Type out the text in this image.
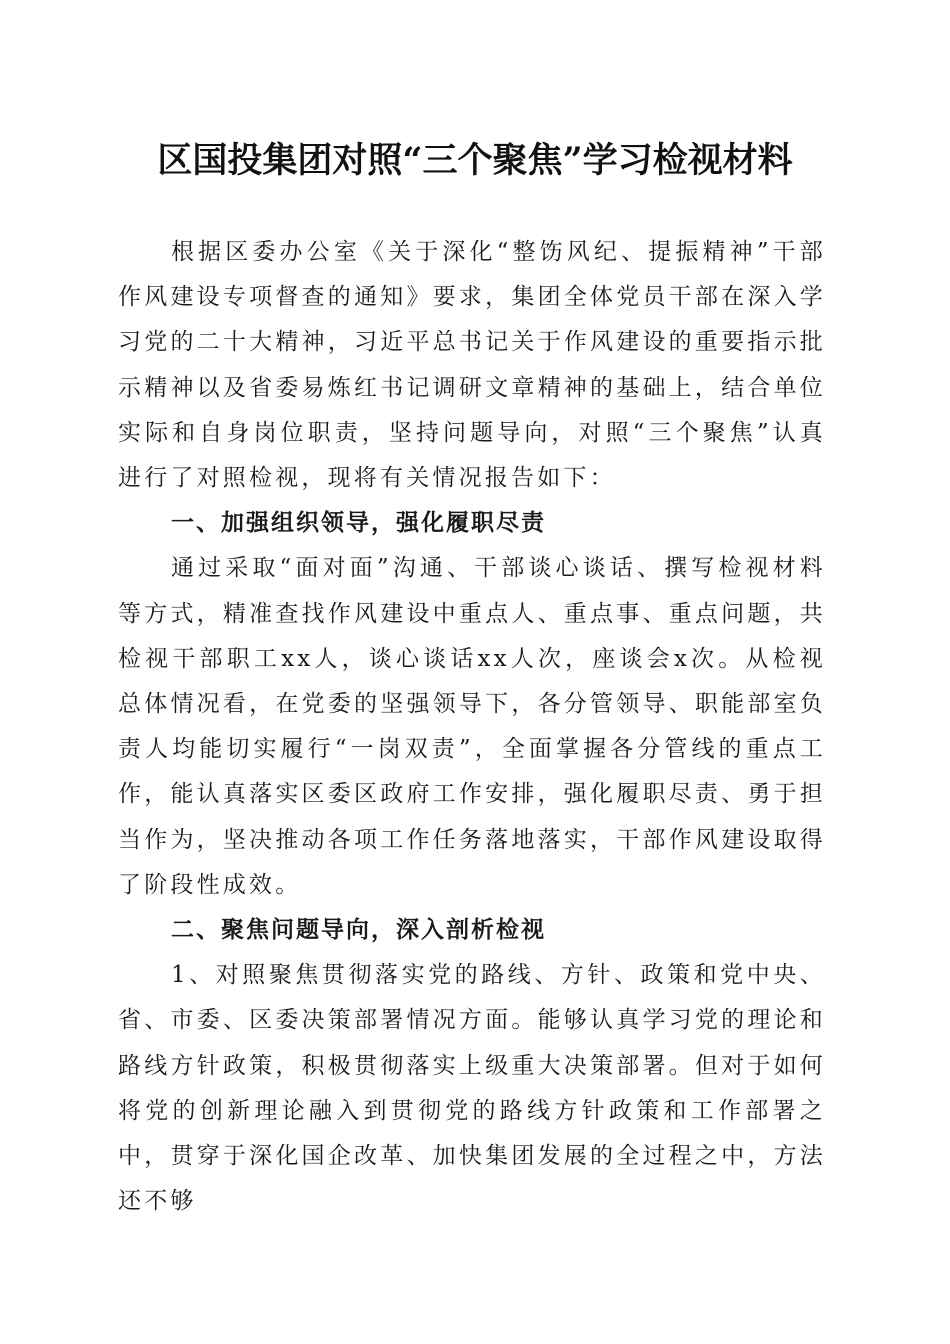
区国投集团对照“三个聚焦”学习检视材料

根据区委办公室《关于深化“整饬风纪、提振精神”干部作风建设专项督查的通知》要求，集团全体党员干部在深入学习党的二十大精神，习近平总书记关于作风建设的重要指示批示精神以及省委易炼红书记调研文章精神的基础上，结合单位实际和自身岗位职责，坚持问题导向，对照“三个聚焦”认真进行了对照检视，现将有关情况报告如下：

一、加强组织领导，强化履职尽责

通过采取“面对面”沟通、干部谈心谈话、撰写检视材料等方式，精准查找作风建设中重点人、重点事、重点问题，共检视干部职工xx人，谈心谈话xx人次，座谈会x次。从检视总体情况看，在党委的坚强领导下，各分管领导、职能部室负责人均能切实履行“一岗双责”，全面掌握各分管线的重点工作，能认真落实区委区政府工作安排，强化履职尽责、勇于担当作为，坚决推动各项工作任务落地落实，干部作风建设取得了阶段性成效。

二、聚焦问题导向，深入剖析检视

1、对照聚焦贯彻落实党的路线、方针、政策和党中央、省、市委、区委决策部署情况方面。能够认真学习党的理论和路线方针政策，积极贯彻落实上级重大决策部署。但对于如何将党的创新理论融入到贯彻党的路线方针政策和工作部署之中，贯穿于深化国企改革、加快集团发展的全过程之中，方法还不够
